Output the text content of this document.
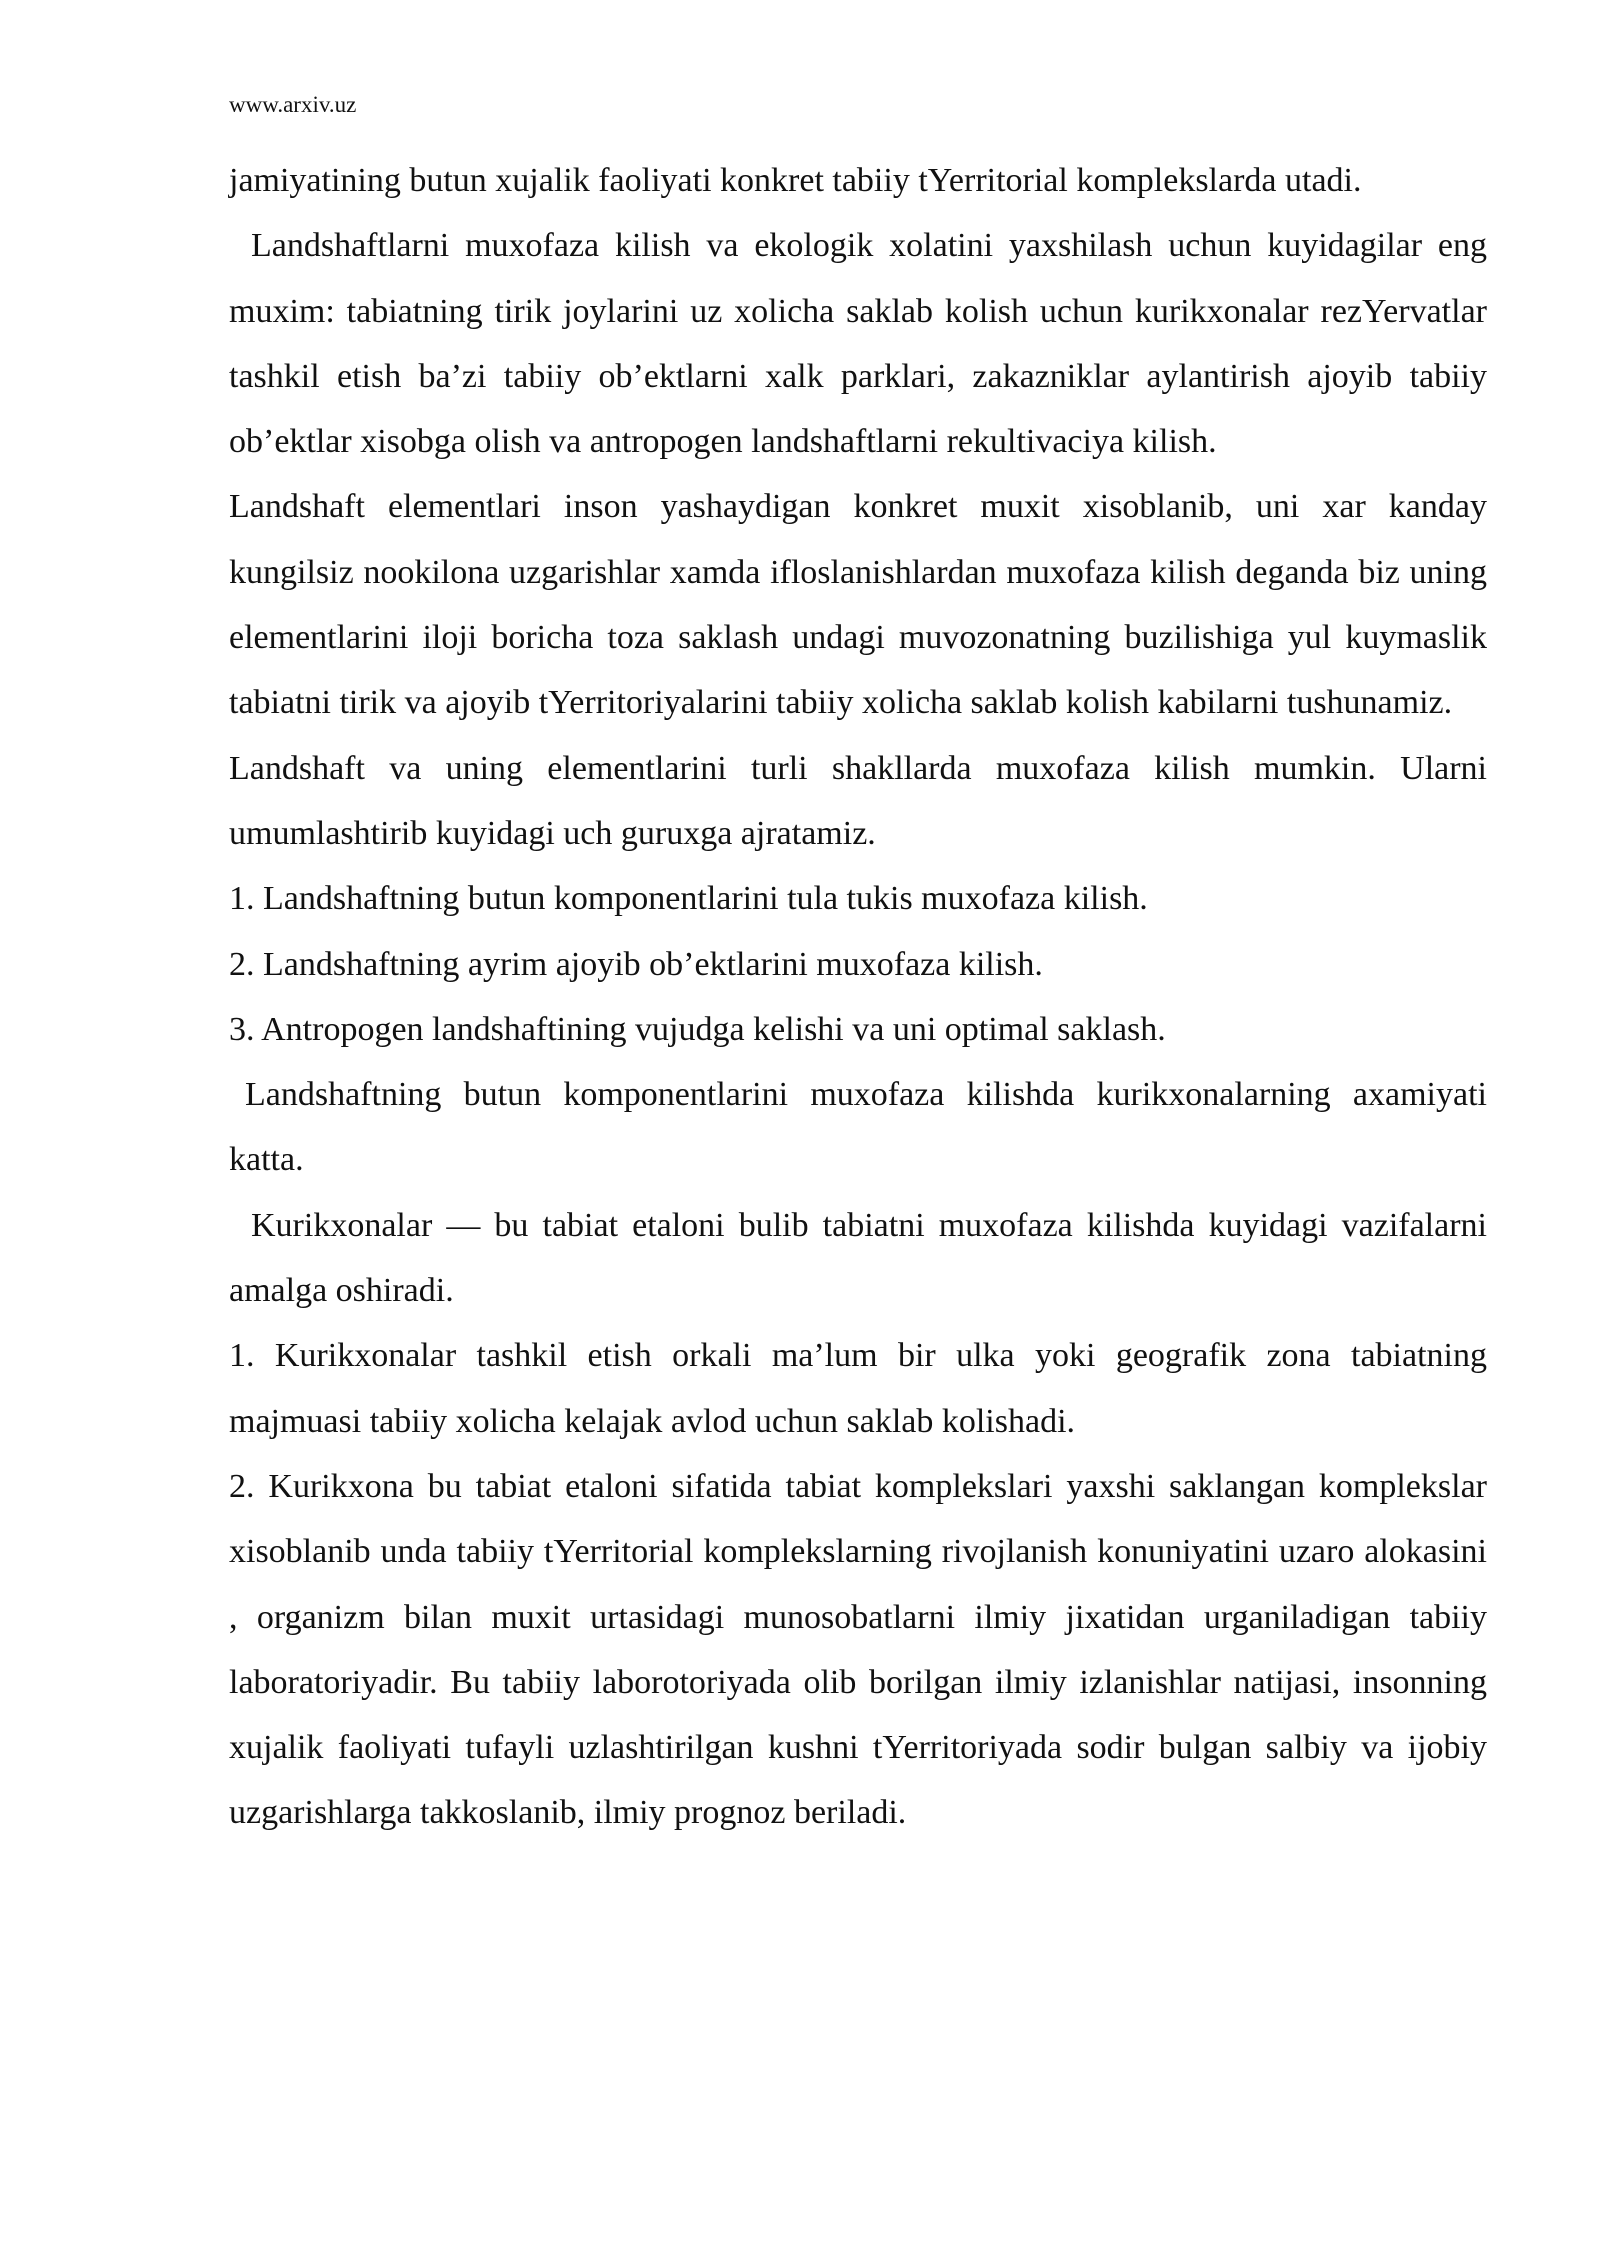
www.arxiv.uz

jamiyatining butun xujalik faoliyati konkret tabiiy tYerritorial komplekslarda utadi.

Landshaftlarni muxofaza kilish va ekologik xolatini yaxshilash uchun kuyidagilar eng muxim: tabiatning tirik joylarini uz xolicha saklab kolish uchun kurikxonalar rezYervatlar tashkil etish ba’zi tabiiy ob’ektlarni xalk parklari, zakazniklar aylantirish ajoyib tabiiy ob’ektlar xisobga olish va antropogen landshaftlarni rekultivaciya kilish.

Landshaft elementlari inson yashaydigan konkret muxit xisoblanib, uni xar kanday kungilsiz nookilona uzgarishlar xamda ifloslanishlardan muxofaza kilish deganda biz uning elementlarini iloji boricha toza saklash undagi muvozonatning buzilishiga yul kuymaslik tabiatni tirik va ajoyib tYerritoriyalarini tabiiy xolicha saklab kolish kabilarni tushunamiz.

Landshaft va uning elementlarini turli shakllarda muxofaza kilish mumkin. Ularni umumlashtirib kuyidagi uch guruxga ajratamiz.

1. Landshaftning butun komponentlarini tula tukis muxofaza kilish.

2. Landshaftning ayrim ajoyib ob’ektlarini muxofaza kilish.

3. Antropogen landshaftining vujudga kelishi va uni optimal saklash.

Landshaftning butun komponentlarini muxofaza kilishda kurikxonalarning axamiyati katta.

Kurikxonalar — bu tabiat etaloni bulib tabiatni muxofaza kilishda kuyidagi vazifalarni amalga oshiradi.

1. Kurikxonalar tashkil etish orkali ma’lum bir ulka yoki geografik zona tabiatning majmuasi tabiiy xolicha kelajak avlod uchun saklab kolishadi.

2. Kurikxona bu tabiat etaloni sifatida tabiat komplekslari yaxshi saklangan komplekslar xisoblanib unda tabiiy tYerritorial komplekslarning rivojlanish konuniyatini uzaro alokasini , organizm bilan muxit urtasidagi munosobatlarni ilmiy jixatidan urganiladigan tabiiy laboratoriyadir. Bu tabiiy laborotoriyada olib borilgan ilmiy izlanishlar natijasi, insonning xujalik faoliyati tufayli uzlashtirilgan kushni tYerritoriyada sodir bulgan salbiy va ijobiy uzgarishlarga takkoslanib, ilmiy prognoz beriladi.
